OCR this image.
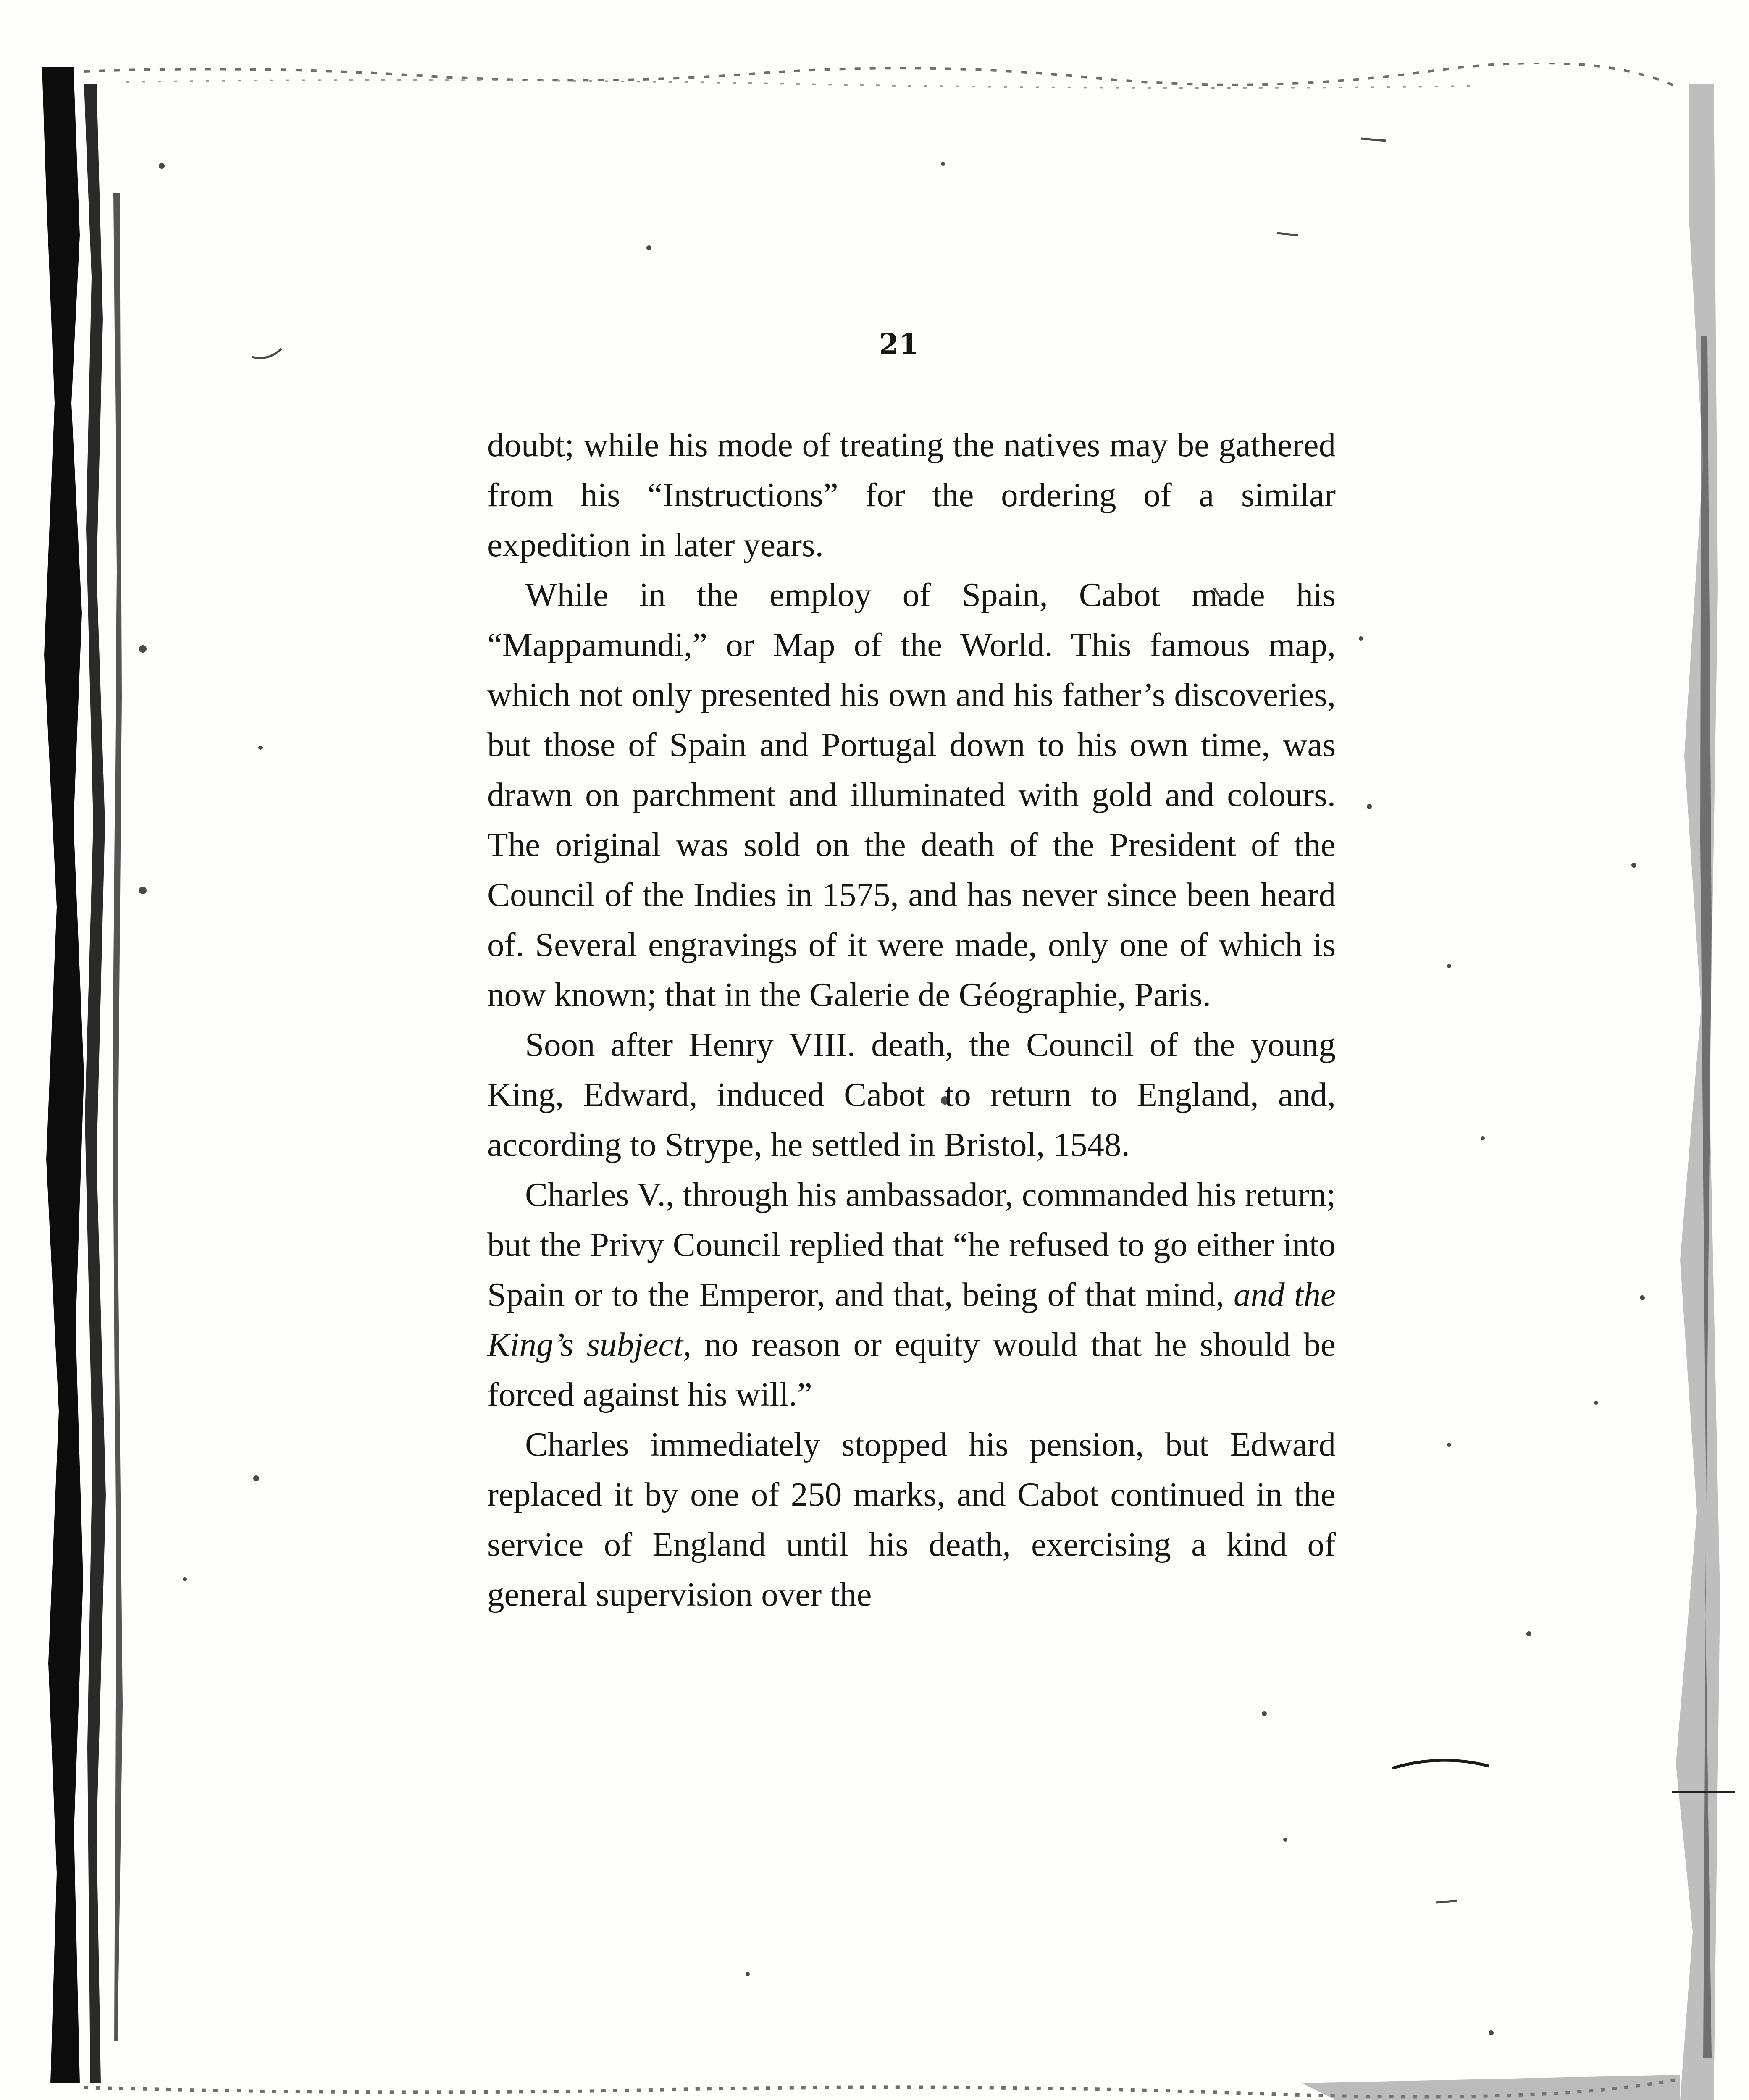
21

doubt; while his mode of treating the natives may be gathered from his “Instructions” for the ordering of a similar expedition in later years.

While in the employ of Spain, Cabot made his “Mappamundi,” or Map of the World. This famous map, which not only presented his own and his father’s discoveries, but those of Spain and Portugal down to his own time, was drawn on parchment and illuminated with gold and colours. The original was sold on the death of the President of the Council of the Indies in 1575, and has never since been heard of. Several engravings of it were made, only one of which is now known; that in the Galerie de Géographie, Paris.

Soon after Henry VIII. death, the Council of the young King, Edward, induced Cabot to return to England, and, according to Strype, he settled in Bristol, 1548.

Charles V., through his ambassador, commanded his return; but the Privy Council replied that “he refused to go either into Spain or to the Emperor, and that, being of that mind, and the King’s subject, no reason or equity would that he should be forced against his will.”

Charles immediately stopped his pension, but Edward replaced it by one of 250 marks, and Cabot continued in the service of England until his death, exercising a kind of general supervision over the
